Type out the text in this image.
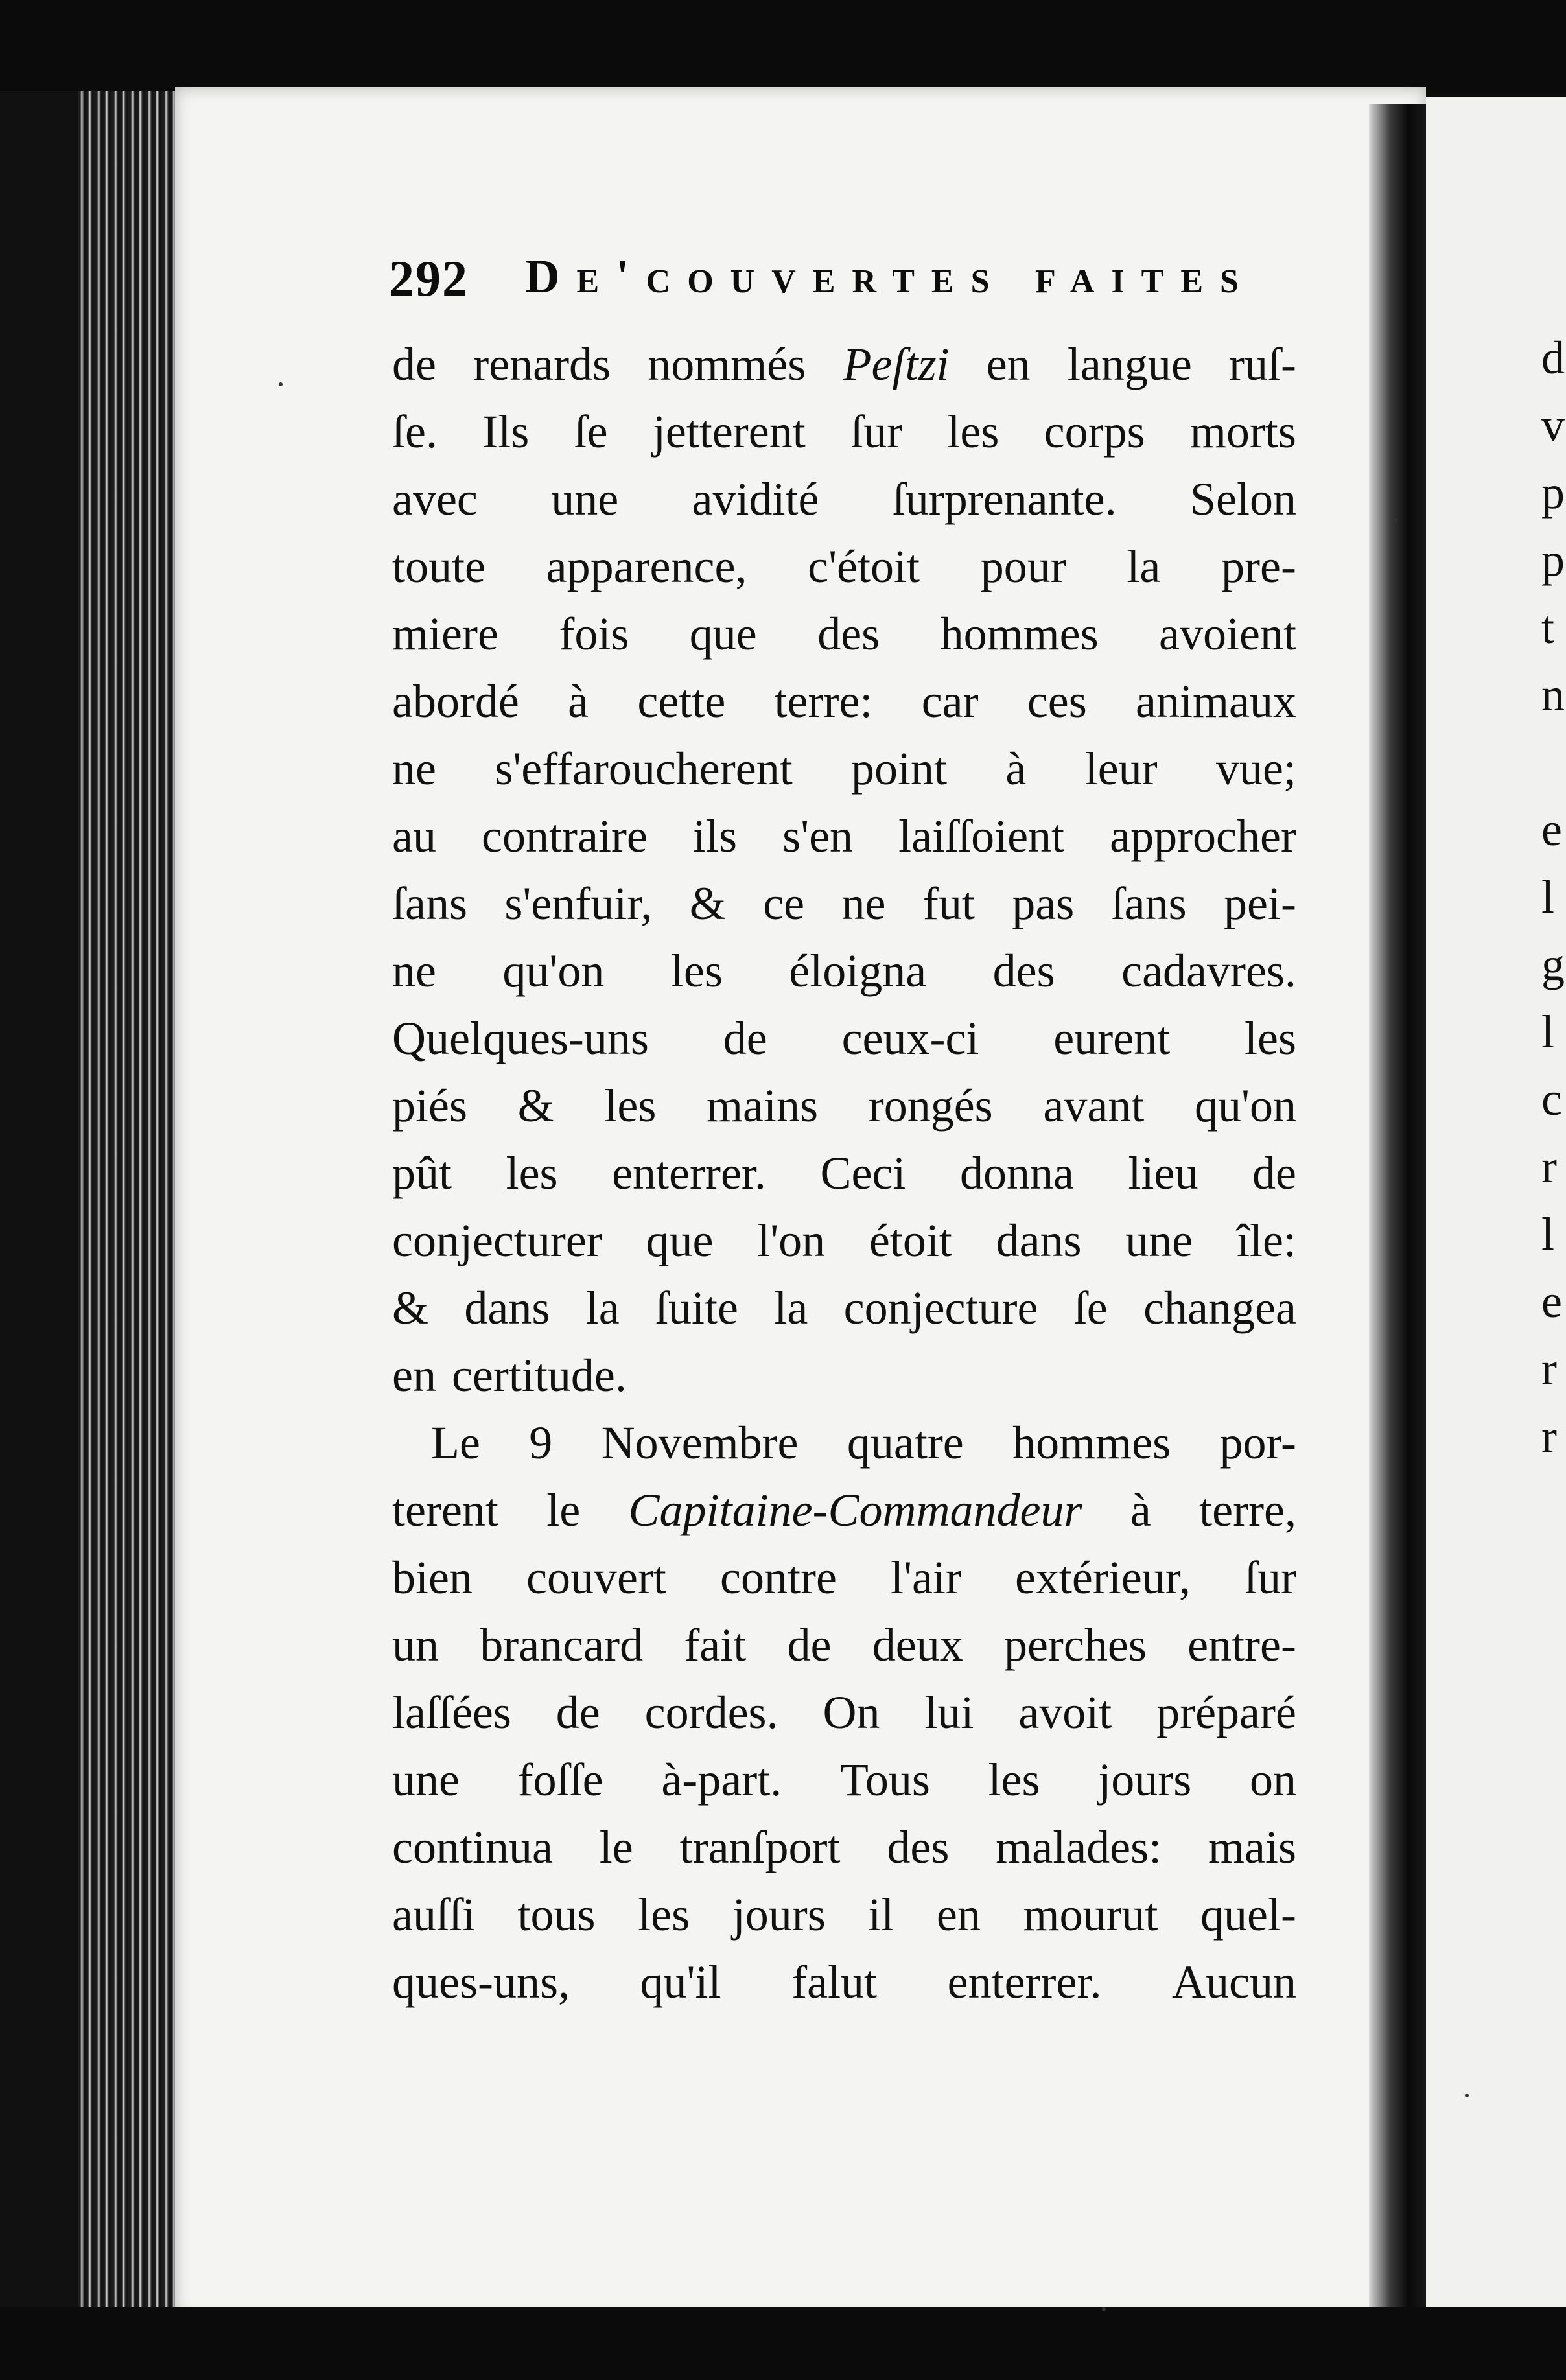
292 De'couvertes faites
de renards nommés Peſtzi en langue ruſ-
ſe. Ils ſe jetterent ſur les corps morts
avec une avidité ſurprenante. Selon
toute apparence, c'étoit pour la pre-
miere fois que des hommes avoient
abordé à cette terre: car ces animaux
ne s'effaroucherent point à leur vue;
au contraire ils s'en laiſſoient approcher
ſans s'enfuir, & ce ne fut pas ſans pei-
ne qu'on les éloigna des cadavres.
Quelques-uns de ceux-ci eurent les
piés & les mains rongés avant qu'on
pût les enterrer. Ceci donna lieu de
conjecturer que l'on étoit dans une île:
& dans la ſuite la conjecture ſe changea
en certitude.
Le 9 Novembre quatre hommes por-
terent le Capitaine-Commandeur à terre,
bien couvert contre l'air extérieur, ſur
un brancard fait de deux perches entre-
laſſées de cordes. On lui avoit préparé
une foſſe à-part. Tous les jours on
continua le tranſport des malades: mais
auſſi tous les jours il en mourut quel-
ques-uns, qu'il falut enterrer. Aucun
d
v
p
p
t
n
e
l
g
l
c
r
l
e
r
r
